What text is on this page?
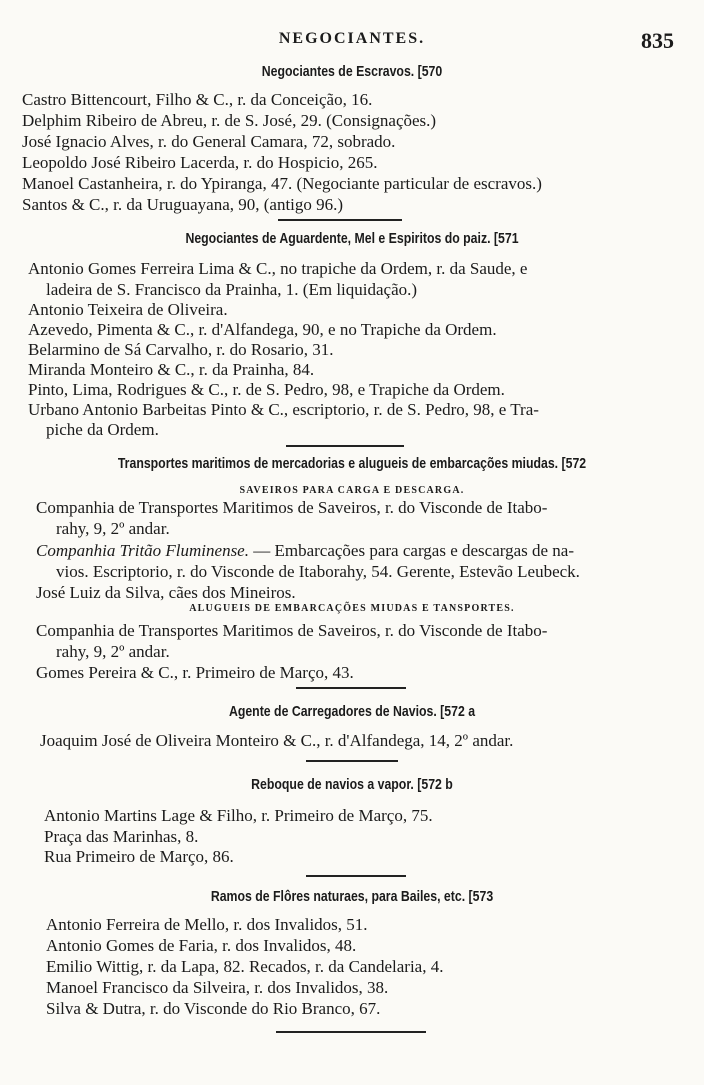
NEGOCIANTES.	835
Negociantes de Escravos. [570
Castro Bittencourt, Filho & C., r. da Conceição, 16.
Delphim Ribeiro de Abreu, r. de S. José, 29. (Consignações.)
José Ignacio Alves, r. do General Camara, 72, sobrado.
Leopoldo José Ribeiro Lacerda, r. do Hospicio, 265.
Manoel Castanheira, r. do Ypiranga, 47. (Negociante particular de escravos.)
Santos & C., r. da Uruguayana, 90, (antigo 96.)
Negociantes de Aguardente, Mel e Espiritos do paiz. [571
Antonio Gomes Ferreira Lima & C., no trapiche da Ordem, r. da Saude, e
ladeira de S. Francisco da Prainha, 1. (Em liquidação.)
Antonio Teixeira de Oliveira.
Azevedo, Pimenta & C., r. d'Alfandega, 90, e no Trapiche da Ordem.
Belarmino de Sá Carvalho, r. do Rosario, 31.
Miranda Monteiro & C., r. da Prainha, 84.
Pinto, Lima, Rodrigues & C., r. de S. Pedro, 98, e Trapiche da Ordem.
Urbano Antonio Barbeitas Pinto & C., escriptorio, r. de S. Pedro, 98, e Tra-
piche da Ordem.
Transportes maritimos de mercadorias e alugueis de embarcações miudas. [572
SAVEIROS PARA CARGA E DESCARGA.
Companhia de Transportes Maritimos de Saveiros, r. do Visconde de Itabo-
rahy, 9, 2º andar.
Companhia Tritão Fluminense. — Embarcações para cargas e descargas de na-
vios. Escriptorio, r. do Visconde de Itaborahy, 54. Gerente, Estevão Leubeck.
José Luiz da Silva, cães dos Mineiros.
ALUGUEIS DE EMBARCAÇÕES MIUDAS E TANSPORTES.
Companhia de Transportes Maritimos de Saveiros, r. do Visconde de Itabo-
rahy, 9, 2º andar.
Gomes Pereira & C., r. Primeiro de Março, 43.
Agente de Carregadores de Navios. [572 a
Joaquim José de Oliveira Monteiro & C., r. d'Alfandega, 14, 2º andar.
Reboque de navios a vapor. [572 b
Antonio Martins Lage & Filho, r. Primeiro de Março, 75.
Praça das Marinhas, 8.
Rua Primeiro de Março, 86.
Ramos de Flôres naturaes, para Bailes, etc. [573
Antonio Ferreira de Mello, r. dos Invalidos, 51.
Antonio Gomes de Faria, r. dos Invalidos, 48.
Emilio Wittig, r. da Lapa, 82. Recados, r. da Candelaria, 4.
Manoel Francisco da Silveira, r. dos Invalidos, 38.
Silva & Dutra, r. do Visconde do Rio Branco, 67.
